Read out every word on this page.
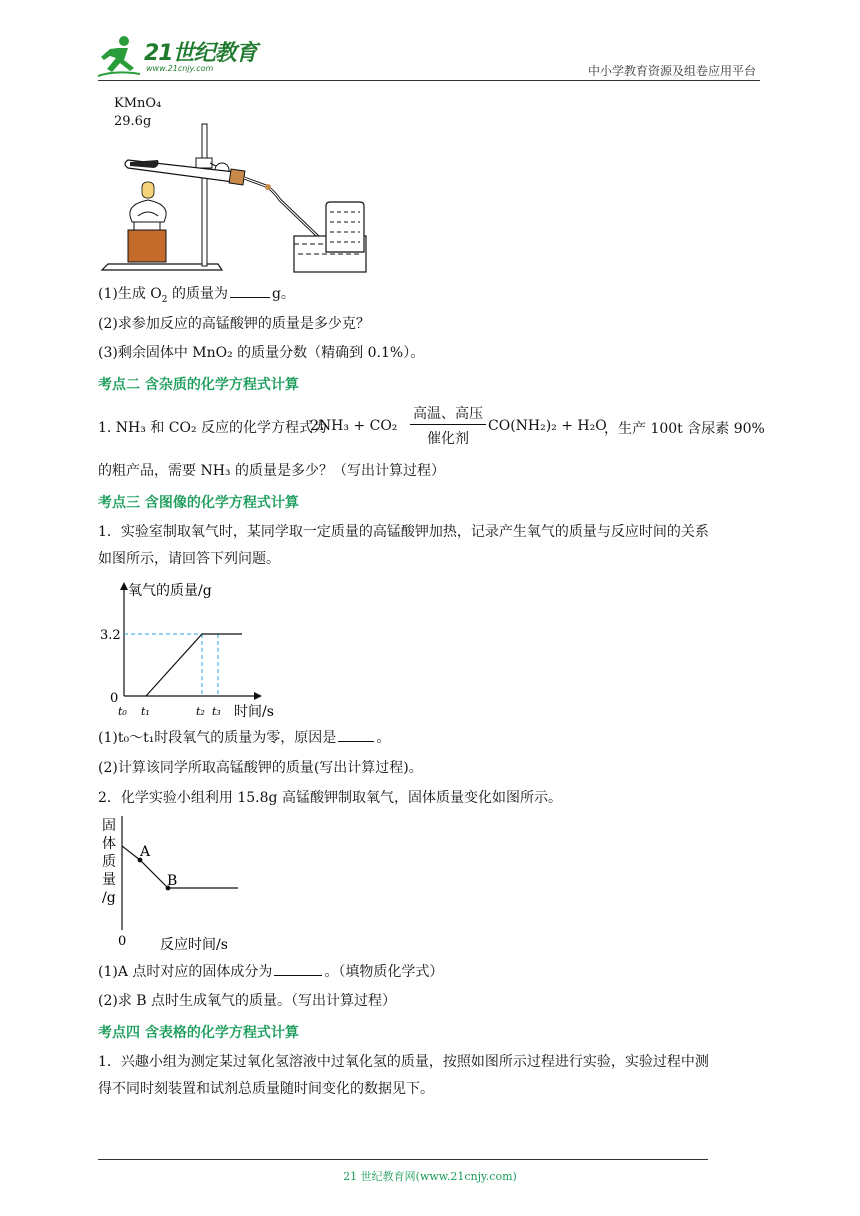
21世纪教育
www.21cnjy.com	中小学教育资源及组卷应用平台
KMnO₄
29.6g
(1)生成 $O_2$ 的质量为	g。
(2)求参加反应的高锰酸钾的质量是多少克？
(3)剩余固体中 MnO₂ 的质量分数（精确到 0.1%）。
考点二 含杂质的化学方程式计算
1. NH₃ 和 CO₂ 反应的化学方程式为
2NH₃ + CO₂
高温、高压
催化剂
CO(NH₂)₂ + H₂O
，生产 100t 含尿素 90%
的粗产品，需要 NH₃ 的质量是多少？（写出计算过程）
考点三 含图像的化学方程式计算
1．实验室制取氧气时，某同学取一定质量的高锰酸钾加热，记录产生氧气的质量与反应时间的关系
如图所示，请回答下列问题。
氧气的质量/g
3.2
0
t₀ t₁	t₂ t₃ 时间/s
(1)t₀～t₁时段氧气的质量为零，原因是	。
(2)计算该同学所取高锰酸钾的质量(写出计算过程)。
2．化学实验小组利用 15.8g 高锰酸钾制取氧气，固体质量变化如图所示。
A
B
固
体
质
量
/g
0 反应时间/s
(1)A 点时对应的固体成分为	。（填物质化学式）
(2)求 B 点时生成氧气的质量。（写出计算过程）
考点四 含表格的化学方程式计算
1．兴趣小组为测定某过氧化氢溶液中过氧化氢的质量，按照如图所示过程进行实验，实验过程中测
得不同时刻装置和试剂总质量随时间变化的数据见下。
21 世纪教育网(www.21cnjy.com)
